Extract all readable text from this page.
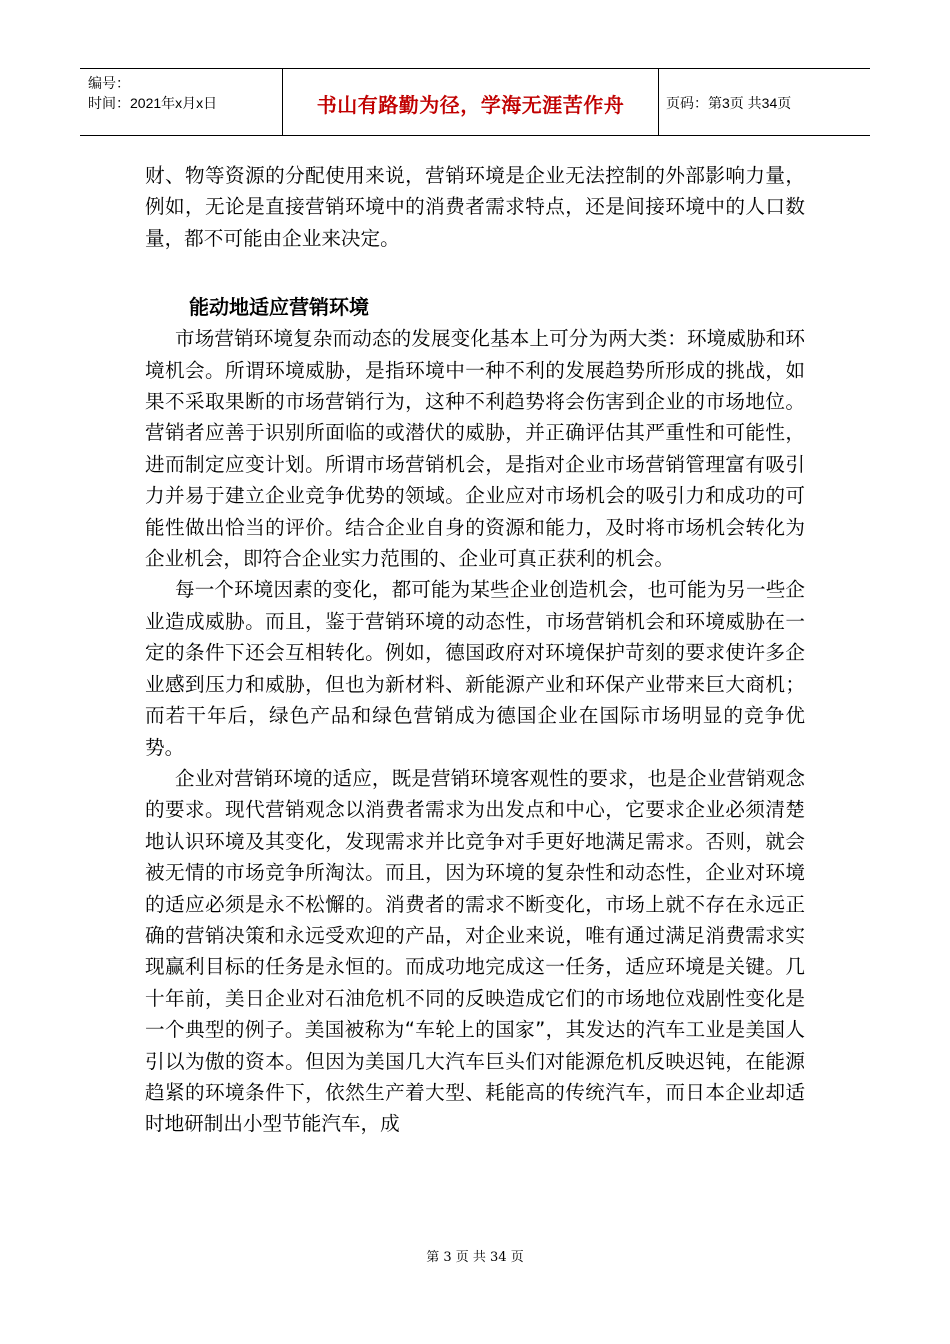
编号：
时间：2021年x月x日	书山有路勤为径，学海无涯苦作舟	页码：第3页 共34页

财、物等资源的分配使用来说，营销环境是企业无法控制的外部影响力量，例如，无论是直接营销环境中的消费者需求特点，还是间接环境中的人口数量，都不可能由企业来决定。

能动地适应营销环境

市场营销环境复杂而动态的发展变化基本上可分为两大类：环境威胁和环境机会。所谓环境威胁，是指环境中一种不利的发展趋势所形成的挑战，如果不采取果断的市场营销行为，这种不利趋势将会伤害到企业的市场地位。营销者应善于识别所面临的或潜伏的威胁，并正确评估其严重性和可能性，进而制定应变计划。所谓市场营销机会，是指对企业市场营销管理富有吸引力并易于建立企业竞争优势的领域。企业应对市场机会的吸引力和成功的可能性做出恰当的评价。结合企业自身的资源和能力，及时将市场机会转化为企业机会，即符合企业实力范围的、企业可真正获利的机会。

每一个环境因素的变化，都可能为某些企业创造机会，也可能为另一些企业造成威胁。而且，鉴于营销环境的动态性，市场营销机会和环境威胁在一定的条件下还会互相转化。例如，德国政府对环境保护苛刻的要求使许多企业感到压力和威胁，但也为新材料、新能源产业和环保产业带来巨大商机；而若干年后，绿色产品和绿色营销成为德国企业在国际市场明显的竞争优势。

企业对营销环境的适应，既是营销环境客观性的要求，也是企业营销观念的要求。现代营销观念以消费者需求为出发点和中心，它要求企业必须清楚地认识环境及其变化，发现需求并比竞争对手更好地满足需求。否则，就会被无情的市场竞争所淘汰。而且，因为环境的复杂性和动态性，企业对环境的适应必须是永不松懈的。消费者的需求不断变化，市场上就不存在永远正确的营销决策和永远受欢迎的产品，对企业来说，唯有通过满足消费需求实现赢利目标的任务是永恒的。而成功地完成这一任务，适应环境是关键。几十年前，美日企业对石油危机不同的反映造成它们的市场地位戏剧性变化是一个典型的例子。美国被称为“车轮上的国家”，其发达的汽车工业是美国人引以为傲的资本。但因为美国几大汽车巨头们对能源危机反映迟钝，在能源趋紧的环境条件下，依然生产着大型、耗能高的传统汽车，而日本企业却适时地研制出小型节能汽车，成

第 3 页 共 34 页
